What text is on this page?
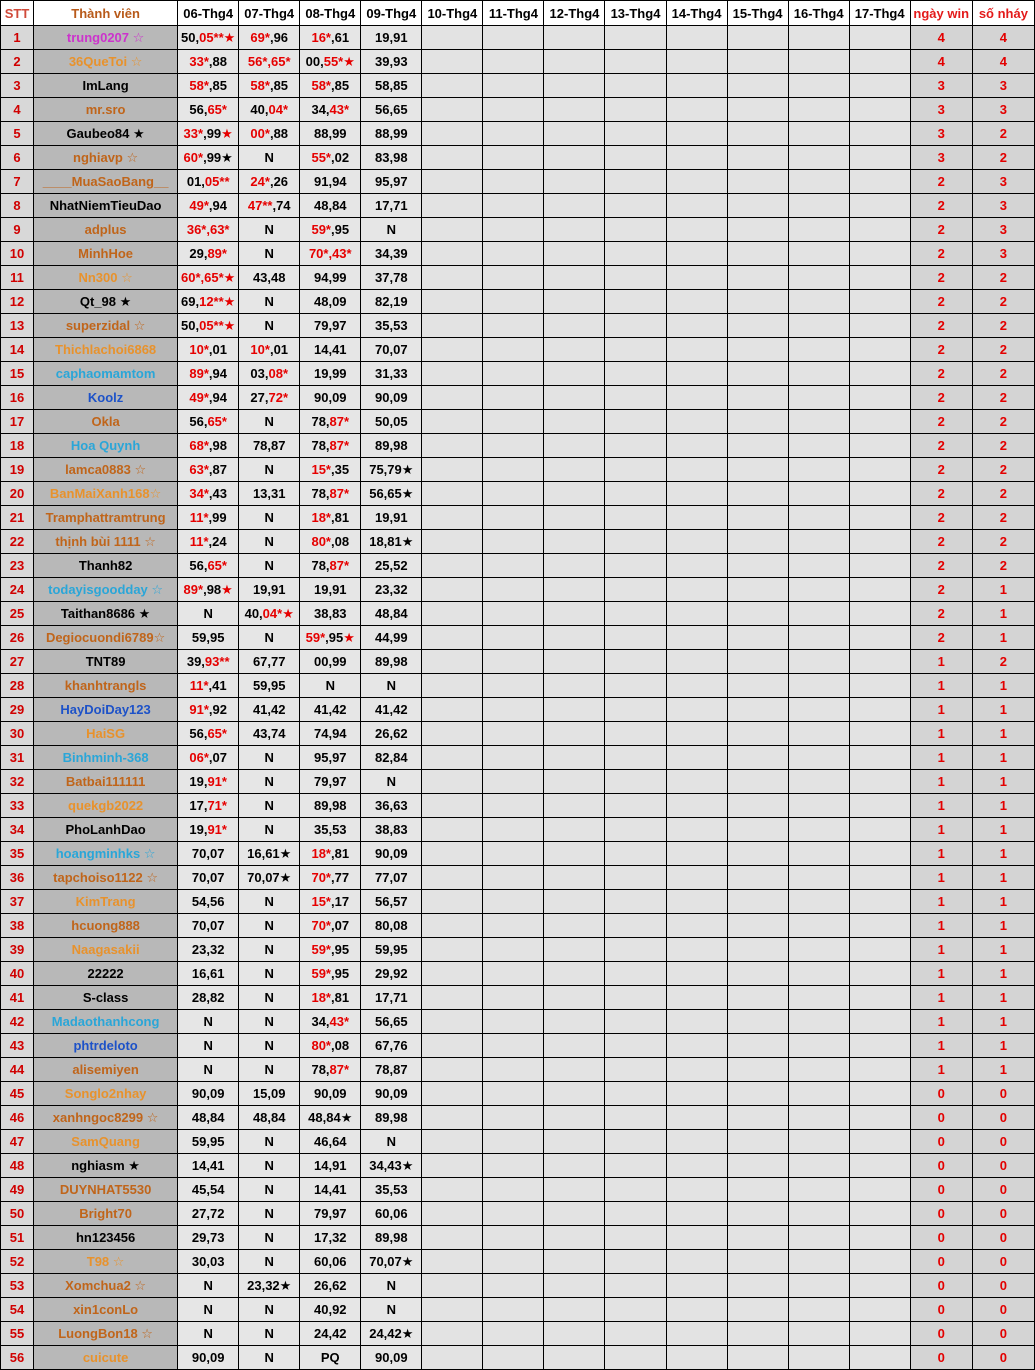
STT	Thành viên	06-Thg4	07-Thg4	08-Thg4	09-Thg4	10-Thg4	11-Thg4	12-Thg4	13-Thg4	14-Thg4	15-Thg4	16-Thg4	17-Thg4	ngày win	số nháy
1	trung0207 ☆	50,05**★	69*,96	16*,61	19,91									4	4
2	36QueToi ☆	33*,88	56*,65*	00,55*★	39,93									4	4
3	ImLang	58*,85	58*,85	58*,85	58,85									3	3
4	mr.sro	56,65*	40,04*	34,43*	56,65									3	3
5	Gaubeo84 ★	33*,99★	00*,88	88,99	88,99									3	2
6	nghiavp ☆	60*,99★	N	55*,02	83,98									3	2
7	____MuaSaoBang__	01,05**	24*,26	91,94	95,97									2	3
8	NhatNiemTieuDao	49*,94	47**,74	48,84	17,71									2	3
9	adplus	36*,63*	N	59*,95	N									2	3
10	MinhHoe	29,89*	N	70*,43*	34,39									2	3
11	Nn300 ☆	60*,65*★	43,48	94,99	37,78									2	2
12	Qt_98 ★	69,12**★	N	48,09	82,19									2	2
13	superzidal ☆	50,05**★	N	79,97	35,53									2	2
14	Thichlachoi6868	10*,01	10*,01	14,41	70,07									2	2
15	caphaomamtom	89*,94	03,08*	19,99	31,33									2	2
16	Koolz	49*,94	27,72*	90,09	90,09									2	2
17	Okla	56,65*	N	78,87*	50,05									2	2
18	Hoa Quynh	68*,98	78,87	78,87*	89,98									2	2
19	lamca0883 ☆	63*,87	N	15*,35	75,79★									2	2
20	BanMaiXanh168☆	34*,43	13,31	78,87*	56,65★									2	2
21	Tramphattramtrung	11*,99	N	18*,81	19,91									2	2
22	thịnh bùi 1111 ☆	11*,24	N	80*,08	18,81★									2	2
23	Thanh82	56,65*	N	78,87*	25,52									2	2
24	todayisgoodday ☆	89*,98★	19,91	19,91	23,32									2	1
25	Taithan8686 ★	N	40,04*★	38,83	48,84									2	1
26	Degiocuondi6789☆	59,95	N	59*,95★	44,99									2	1
27	TNT89	39,93**	67,77	00,99	89,98									1	2
28	khanhtrangls	11*,41	59,95	N	N									1	1
29	HayDoiDay123	91*,92	41,42	41,42	41,42									1	1
30	HaiSG	56,65*	43,74	74,94	26,62									1	1
31	Binhminh-368	06*,07	N	95,97	82,84									1	1
32	Batbai111111	19,91*	N	79,97	N									1	1
33	quekgb2022	17,71*	N	89,98	36,63									1	1
34	PhoLanhDao	19,91*	N	35,53	38,83									1	1
35	hoangminhks ☆	70,07	16,61★	18*,81	90,09									1	1
36	tapchoiso1122 ☆	70,07	70,07★	70*,77	77,07									1	1
37	KimTrang	54,56	N	15*,17	56,57									1	1
38	hcuong888	70,07	N	70*,07	80,08									1	1
39	Naagasakii	23,32	N	59*,95	59,95									1	1
40	22222	16,61	N	59*,95	29,92									1	1
41	S-class	28,82	N	18*,81	17,71									1	1
42	Madaothanhcong	N	N	34,43*	56,65									1	1
43	phtrdeloto	N	N	80*,08	67,76									1	1
44	alisemiyen	N	N	78,87*	78,87									1	1
45	Songlo2nhay	90,09	15,09	90,09	90,09									0	0
46	xanhngoc8299 ☆	48,84	48,84	48,84★	89,98									0	0
47	SamQuang	59,95	N	46,64	N									0	0
48	nghiasm ★	14,41	N	14,91	34,43★									0	0
49	DUYNHAT5530	45,54	N	14,41	35,53									0	0
50	Bright70	27,72	N	79,97	60,06									0	0
51	hn123456	29,73	N	17,32	89,98									0	0
52	T98 ☆	30,03	N	60,06	70,07★									0	0
53	Xomchua2 ☆	N	23,32★	26,62	N									0	0
54	xin1conLo	N	N	40,92	N									0	0
55	LuongBon18 ☆	N	N	24,42	24,42★									0	0
56	cuicute	90,09	N	PQ	90,09									0	0
